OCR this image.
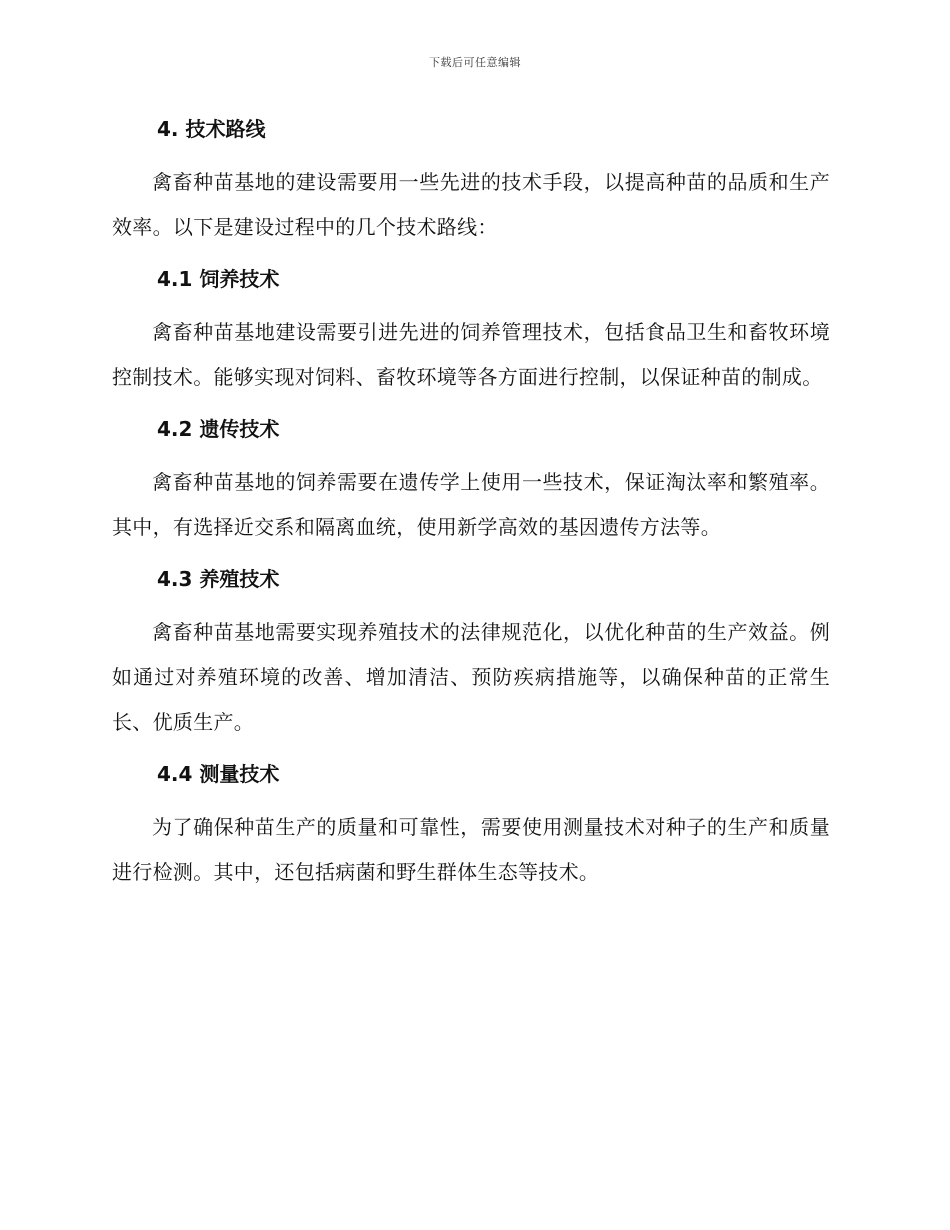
下载后可任意编辑
4. 技术路线

禽畜种苗基地的建设需要用一些先进的技术手段，以提高种苗的品质和生产效率。以下是建设过程中的几个技术路线：

4.1 饲养技术

禽畜种苗基地建设需要引进先进的饲养管理技术，包括食品卫生和畜牧环境控制技术。能够实现对饲料、畜牧环境等各方面进行控制，以保证种苗的制成。

4.2 遗传技术

禽畜种苗基地的饲养需要在遗传学上使用一些技术，保证淘汰率和繁殖率。其中，有选择近交系和隔离血统，使用新学高效的基因遗传方法等。

4.3 养殖技术

禽畜种苗基地需要实现养殖技术的法律规范化，以优化种苗的生产效益。例如通过对养殖环境的改善、增加清洁、预防疾病措施等，以确保种苗的正常生长、优质生产。

4.4 测量技术

为了确保种苗生产的质量和可靠性，需要使用测量技术对种子的生产和质量进行检测。其中，还包括病菌和野生群体生态等技术。
